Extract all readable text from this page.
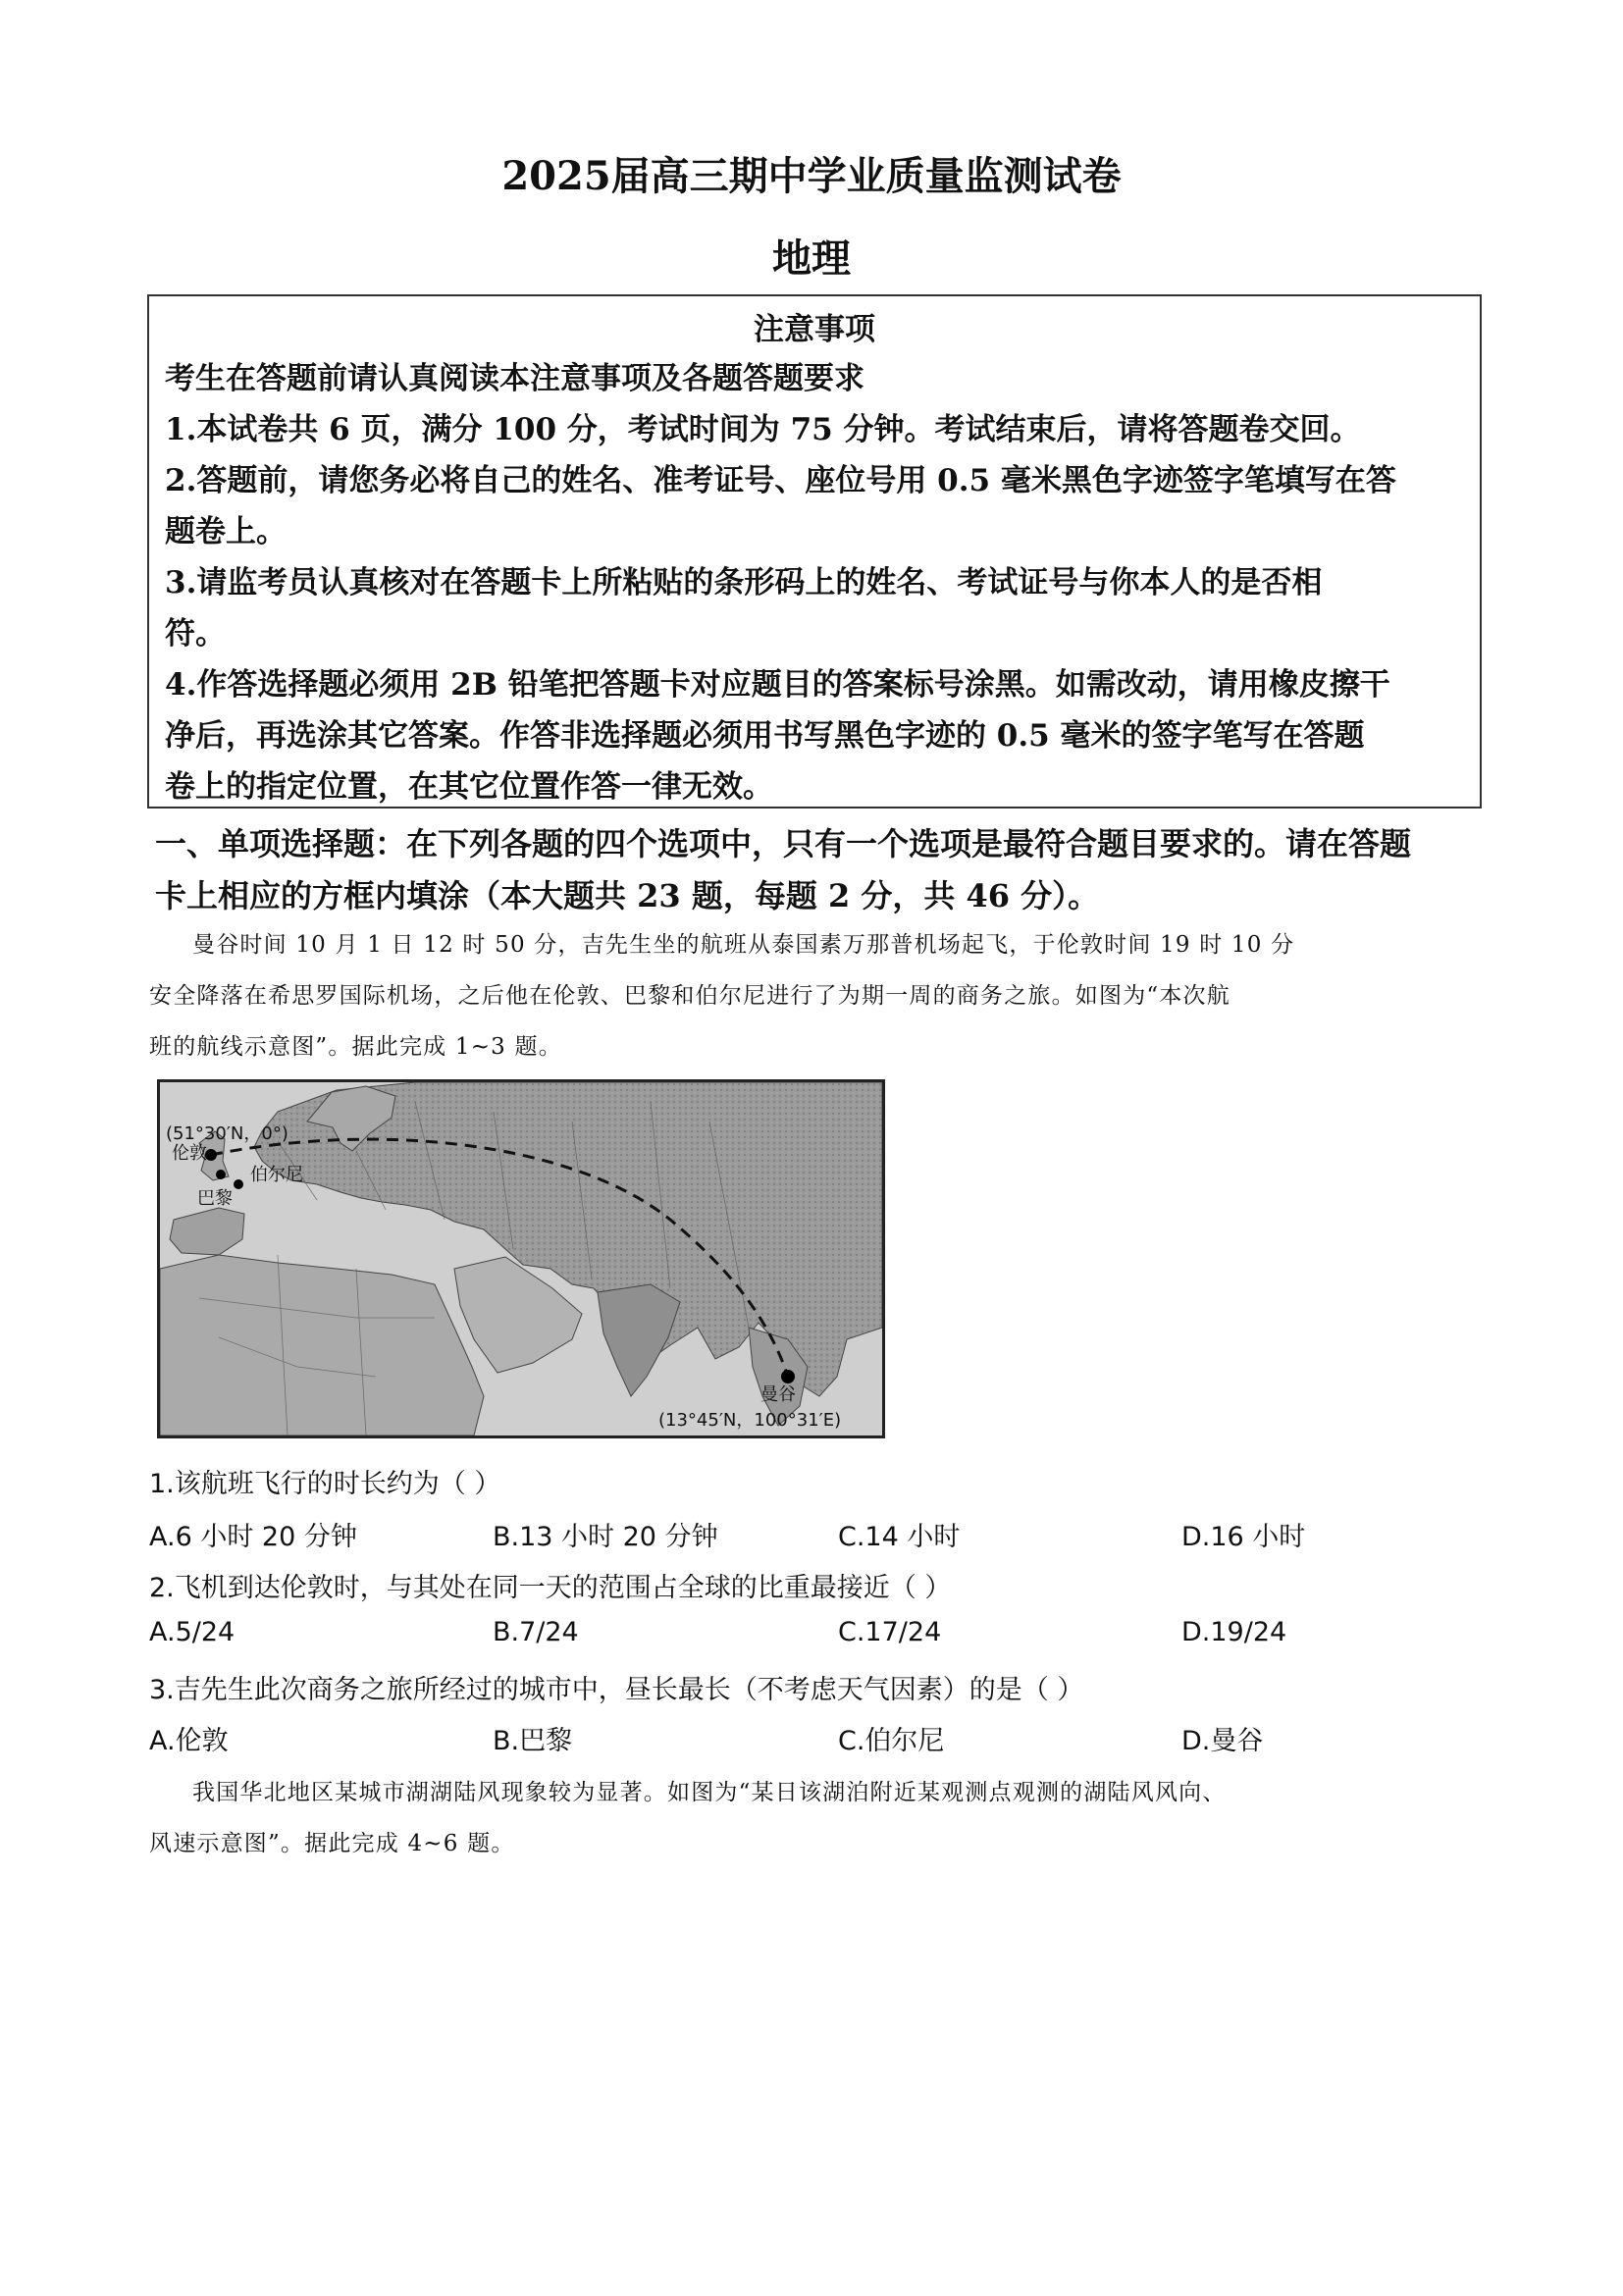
2025届高三期中学业质量监测试卷
地理
注意事项
考生在答题前请认真阅读本注意事项及各题答题要求
1.本试卷共 6 页，满分 100 分，考试时间为 75 分钟。考试结束后，请将答题卷交回。
2.答题前，请您务必将自己的姓名、准考证号、座位号用 0.5 毫米黑色字迹签字笔填写在答
题卷上。
3.请监考员认真核对在答题卡上所粘贴的条形码上的姓名、考试证号与你本人的是否相
符。
4.作答选择题必须用 2B 铅笔把答题卡对应题目的答案标号涂黑。如需改动，请用橡皮擦干
净后，再选涂其它答案。作答非选择题必须用书写黑色字迹的 0.5 毫米的签字笔写在答题
卷上的指定位置，在其它位置作答一律无效。
一、单项选择题：在下列各题的四个选项中，只有一个选项是最符合题目要求的。请在答题
卡上相应的方框内填涂（本大题共 23 题，每题 2 分，共 46 分）。
曼谷时间 10 月 1 日 12 时 50 分，吉先生坐的航班从泰国素万那普机场起飞，于伦敦时间 19 时 10 分
安全降落在希思罗国际机场，之后他在伦敦、巴黎和伯尔尼进行了为期一周的商务之旅。如图为“本次航
班的航线示意图”。据此完成 1~3 题。
(51°30′N，0°)
伦敦
巴黎
伯尔尼
曼谷
(13°45′N，100°31′E)
1.该航班飞行的时长约为（ ）
A.6 小时 20 分钟	B.13 小时 20 分钟	C.14 小时	D.16 小时
2.飞机到达伦敦时，与其处在同一天的范围占全球的比重最接近（ ）
A.5/24	B.7/24	C.17/24	D.19/24
3.吉先生此次商务之旅所经过的城市中，昼长最长（不考虑天气因素）的是（ ）
A.伦敦	B.巴黎	C.伯尔尼	D.曼谷
我国华北地区某城市湖湖陆风现象较为显著。如图为“某日该湖泊附近某观测点观测的湖陆风风向、
风速示意图”。据此完成 4~6 题。
